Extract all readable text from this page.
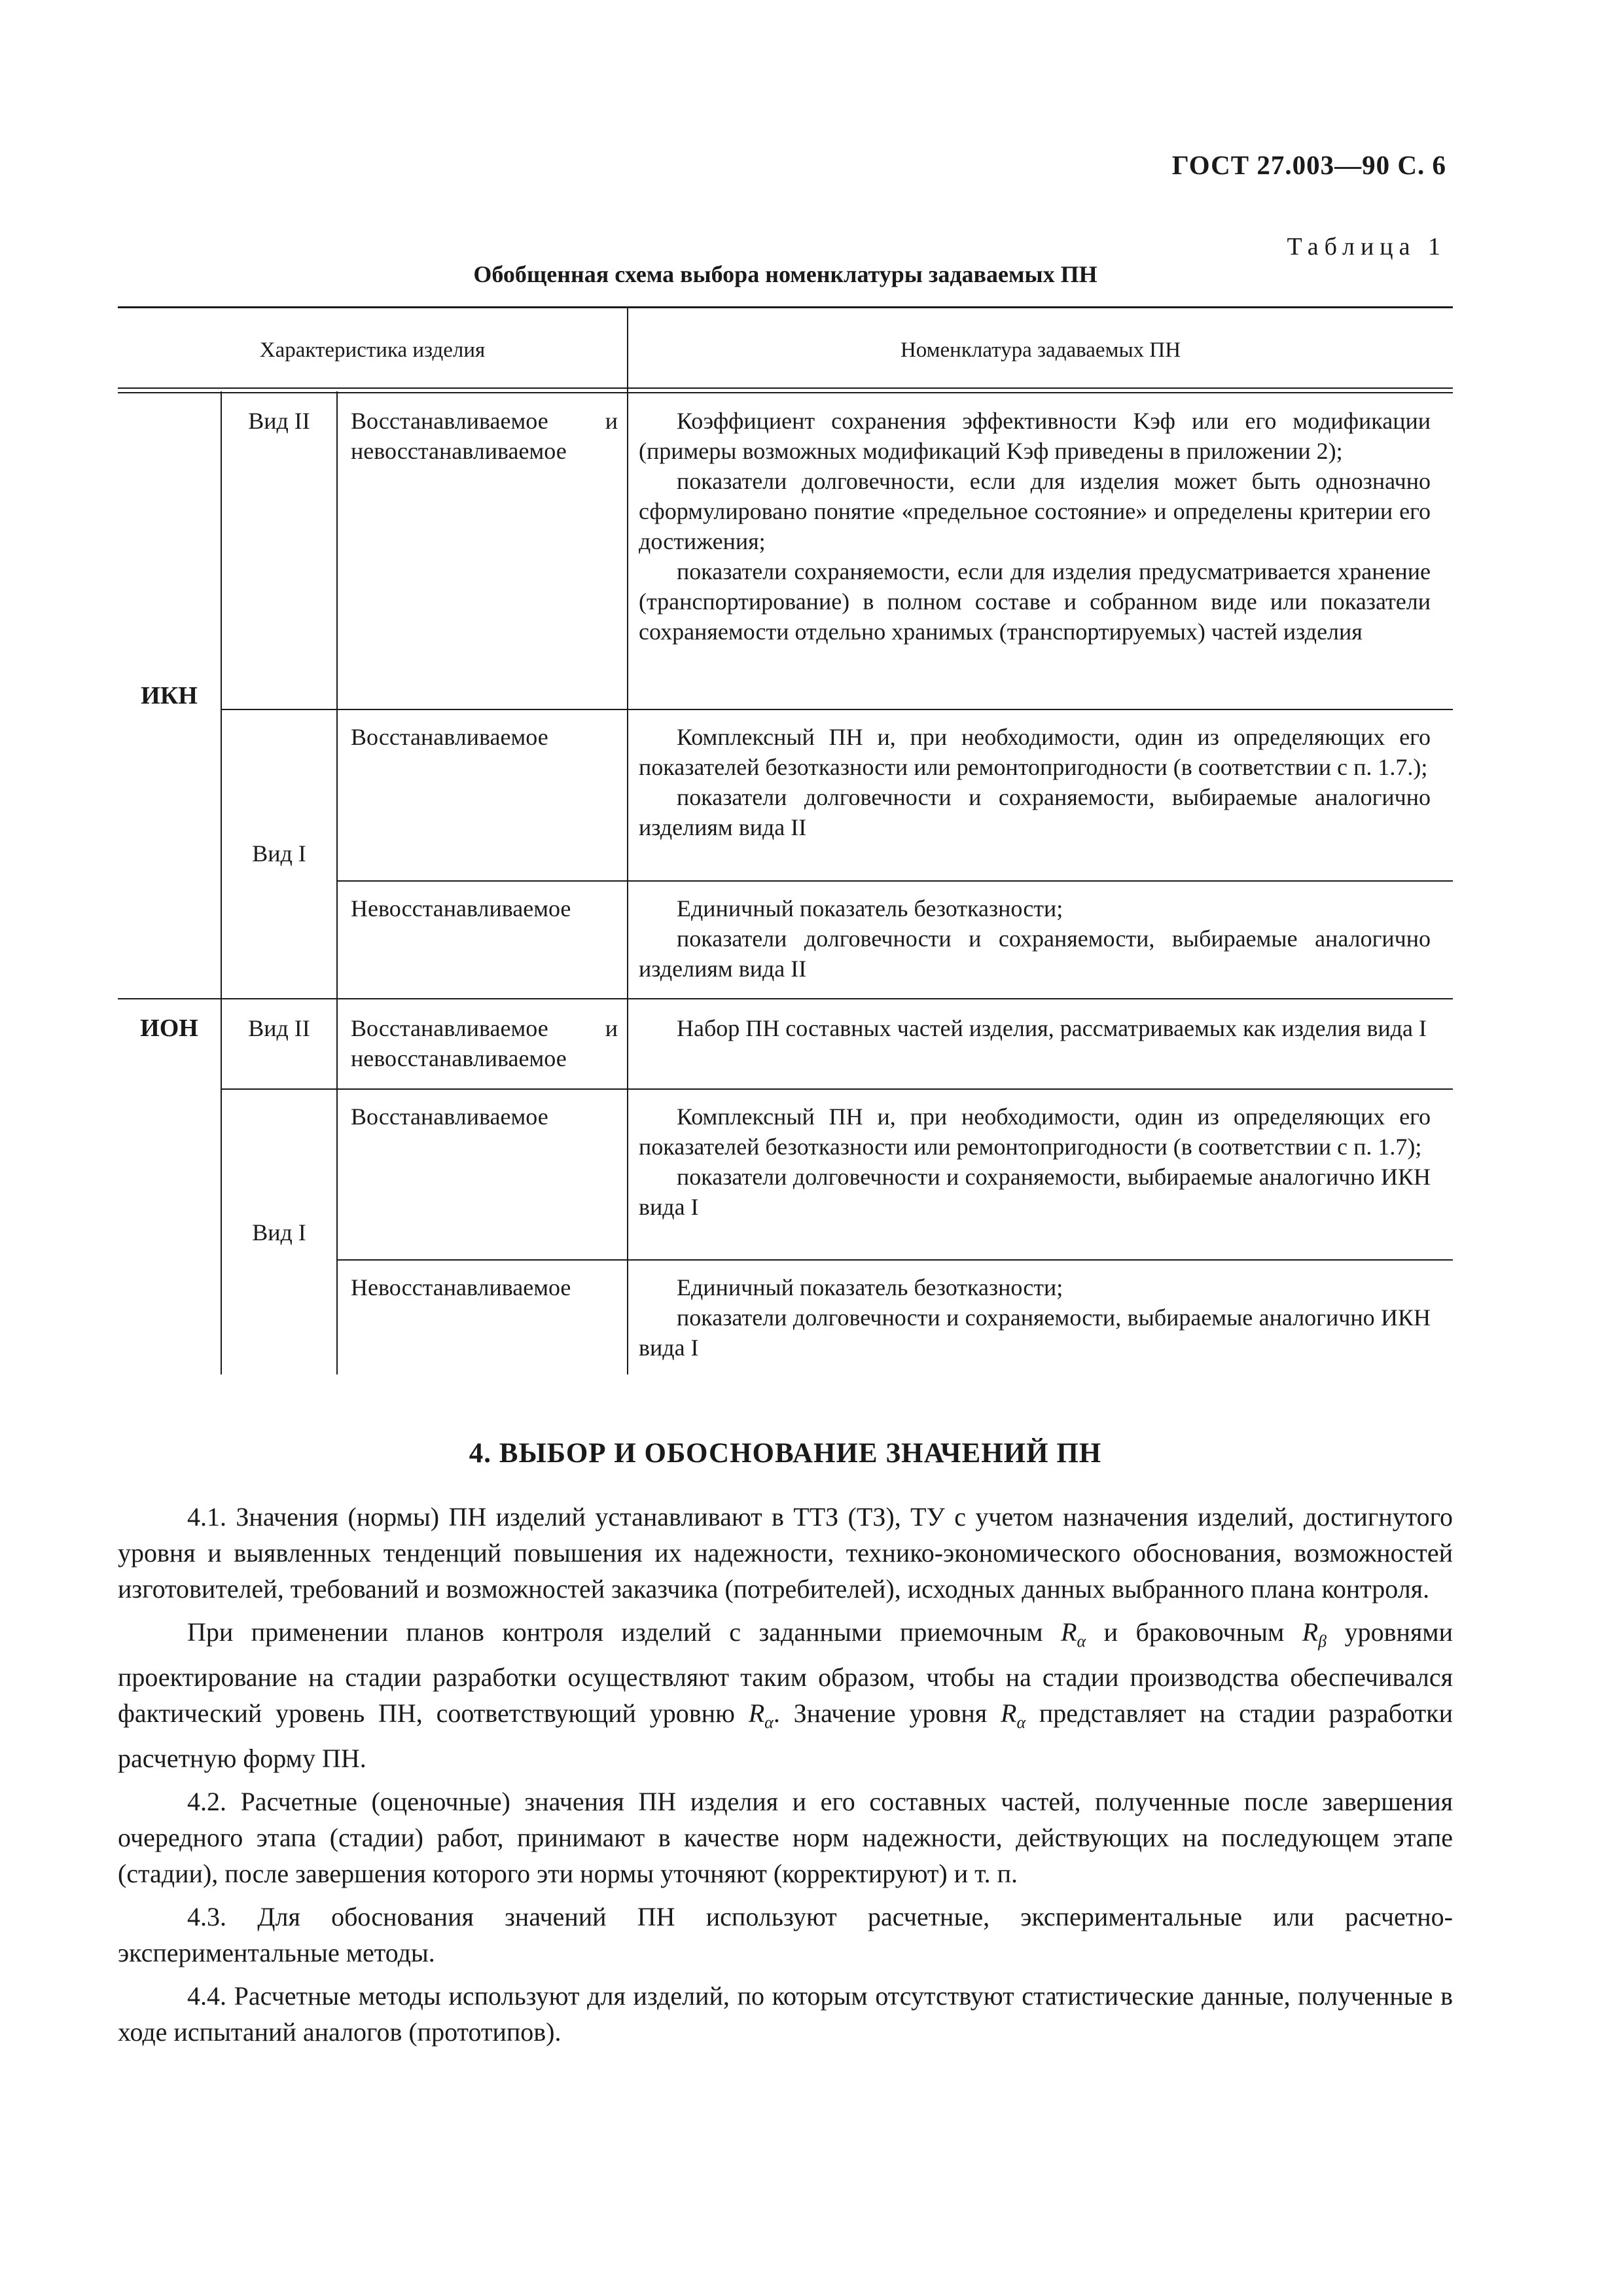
ГОСТ 27.003—90 С. 6
Таблица 1
Обобщенная схема выбора номенклатуры задаваемых ПН
Характеристика изделия	Номенклатура задаваемых ПН
ИКН
ИОН
Вид II
Вид I
Вид II
Вид I
Восстанавливаемое и невосстанавливаемое
Восстанавливаемое
Невосстанавливаемое
Восстанавливаемое и невосстанавливаемое
Восстанавливаемое
Невосстанавливаемое

Коэффициент сохранения эффективности Kэф или его модификации (примеры возможных модификаций Kэф приведены в приложении 2);

показатели долговечности, если для изделия может быть однозначно сформулировано понятие «предельное состояние» и определены критерии его достижения;

показатели сохраняемости, если для изделия предусматривается хранение (транспортирование) в полном составе и собранном виде или показатели сохраняемости отдельно хранимых (транспортируемых) частей изделия

Комплексный ПН и, при необходимости, один из определяющих его показателей безотказности или ремонтопригодности (в соответствии с п. 1.7.);

показатели долговечности и сохраняемости, выбираемые аналогично изделиям вида II

Единичный показатель безотказности;

показатели долговечности и сохраняемости, выбираемые аналогично изделиям вида II

Набор ПН составных частей изделия, рассматриваемых как изделия вида I

Комплексный ПН и, при необходимости, один из определяющих его показателей безотказности или ремонтопригодности (в соответствии с п. 1.7);

показатели долговечности и сохраняемости, выбираемые аналогично ИКН вида I

Единичный показатель безотказности;

показатели долговечности и сохраняемости, выбираемые аналогично ИКН вида I

4. ВЫБОР И ОБОСНОВАНИЕ ЗНАЧЕНИЙ ПН

4.1. Значения (нормы) ПН изделий устанавливают в ТТЗ (ТЗ), ТУ с учетом назначения изделий, достигнутого уровня и выявленных тенденций повышения их надежности, технико-экономического обоснования, возможностей изготовителей, требований и возможностей заказчика (потребителей), исходных данных выбранного плана контроля.

При применении планов контроля изделий с заданными приемочным $R_\alpha$ и браковочным $R_\beta$ уровнями проектирование на стадии разработки осуществляют таким образом, чтобы на стадии производства обеспечивался фактический уровень ПН, соответствующий уровню $R_\alpha$. Значение уровня $R_\alpha$ представляет на стадии разработки расчетную форму ПН.

4.2. Расчетные (оценочные) значения ПН изделия и его составных частей, полученные после завершения очередного этапа (стадии) работ, принимают в качестве норм надежности, действующих на последующем этапе (стадии), после завершения которого эти нормы уточняют (корректируют) и т. п.

4.3. Для обоснования значений ПН используют расчетные, экспериментальные или расчетно-экспериментальные методы.

4.4. Расчетные методы используют для изделий, по которым отсутствуют статистические данные, полученные в ходе испытаний аналогов (прототипов).
